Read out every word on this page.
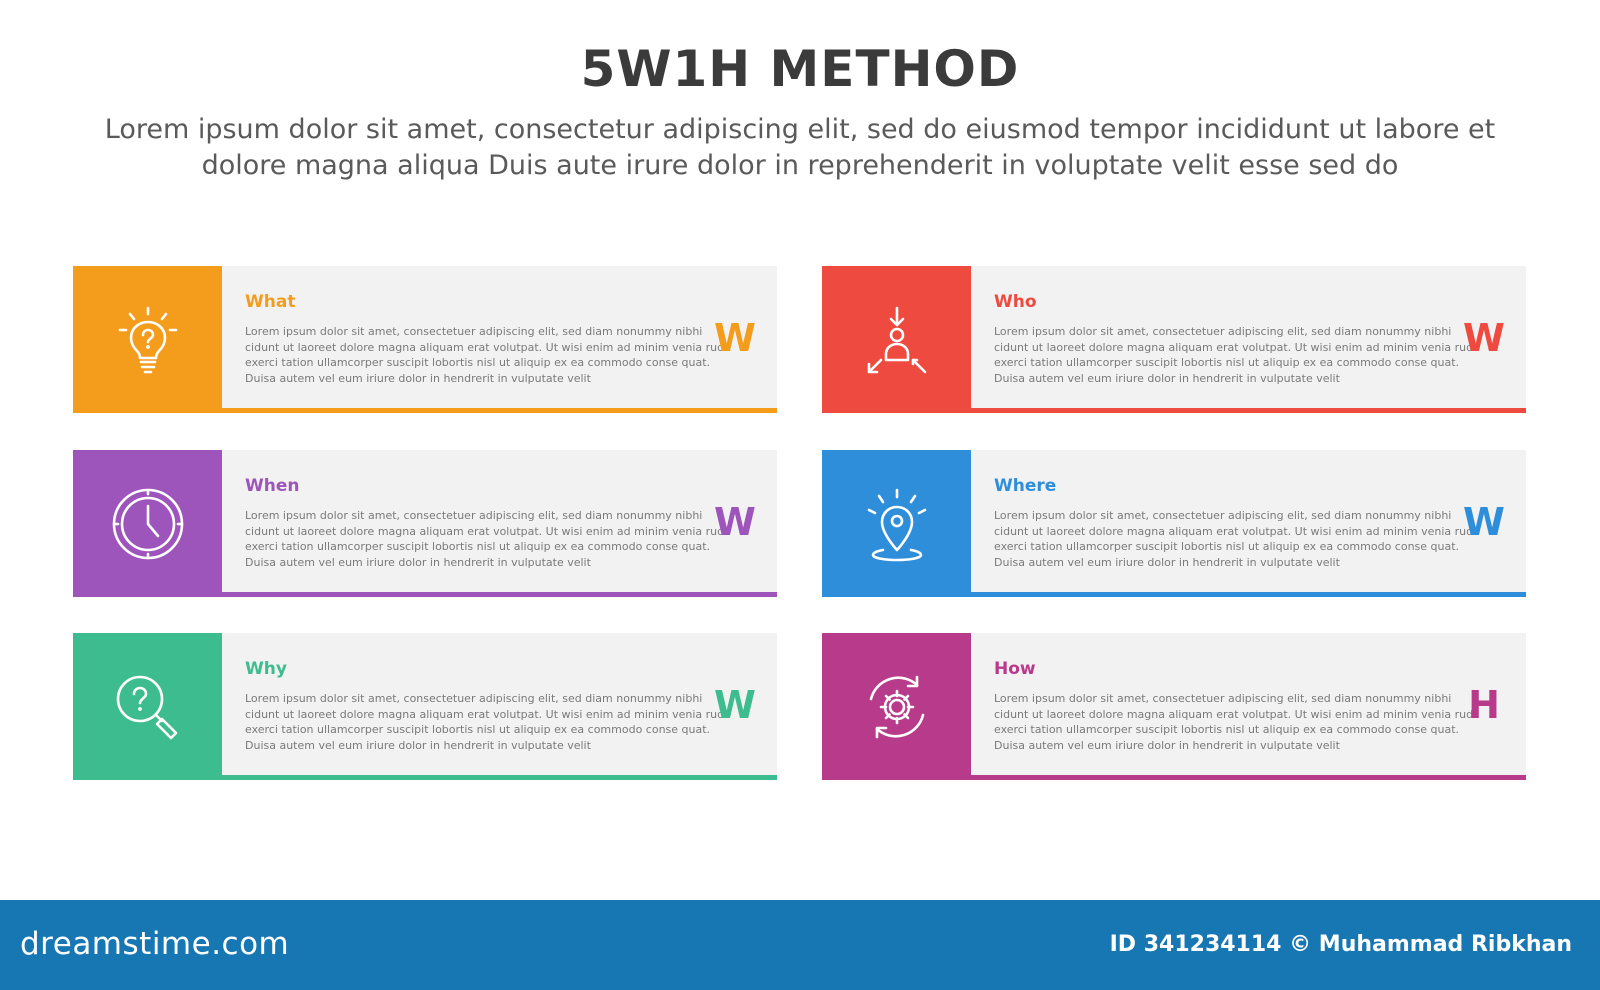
5W1H METHOD
Lorem ipsum dolor sit amet, consectetur adipiscing elit, sed do eiusmod tempor incididunt ut labore et dolore magna aliqua Duis aute irure dolor in reprehenderit in voluptate velit esse sed do
What
Lorem ipsum dolor sit amet, consectetuer adipiscing elit, sed diam nonummy nibhi cidunt ut laoreet dolore magna aliquam erat volutpat. Ut wisi enim ad minim venia rud exerci tation ullamcorper suscipit lobortis nisl ut aliquip ex ea commodo conse quat. Duisa autem vel eum iriure dolor in hendrerit in vulputate velit
W
Who
Lorem ipsum dolor sit amet, consectetuer adipiscing elit, sed diam nonummy nibhi cidunt ut laoreet dolore magna aliquam erat volutpat. Ut wisi enim ad minim venia rud exerci tation ullamcorper suscipit lobortis nisl ut aliquip ex ea commodo conse quat. Duisa autem vel eum iriure dolor in hendrerit in vulputate velit
W
When
Lorem ipsum dolor sit amet, consectetuer adipiscing elit, sed diam nonummy nibhi cidunt ut laoreet dolore magna aliquam erat volutpat. Ut wisi enim ad minim venia rud exerci tation ullamcorper suscipit lobortis nisl ut aliquip ex ea commodo conse quat. Duisa autem vel eum iriure dolor in hendrerit in vulputate velit
W
Where
Lorem ipsum dolor sit amet, consectetuer adipiscing elit, sed diam nonummy nibhi cidunt ut laoreet dolore magna aliquam erat volutpat. Ut wisi enim ad minim venia rud exerci tation ullamcorper suscipit lobortis nisl ut aliquip ex ea commodo conse quat. Duisa autem vel eum iriure dolor in hendrerit in vulputate velit
W
Why
Lorem ipsum dolor sit amet, consectetuer adipiscing elit, sed diam nonummy nibhi cidunt ut laoreet dolore magna aliquam erat volutpat. Ut wisi enim ad minim venia rud exerci tation ullamcorper suscipit lobortis nisl ut aliquip ex ea commodo conse quat. Duisa autem vel eum iriure dolor in hendrerit in vulputate velit
W
How
Lorem ipsum dolor sit amet, consectetuer adipiscing elit, sed diam nonummy nibhi cidunt ut laoreet dolore magna aliquam erat volutpat. Ut wisi enim ad minim venia rud exerci tation ullamcorper suscipit lobortis nisl ut aliquip ex ea commodo conse quat. Duisa autem vel eum iriure dolor in hendrerit in vulputate velit
H
dreamstime.com	ID 341234114 © Muhammad Ribkhan
